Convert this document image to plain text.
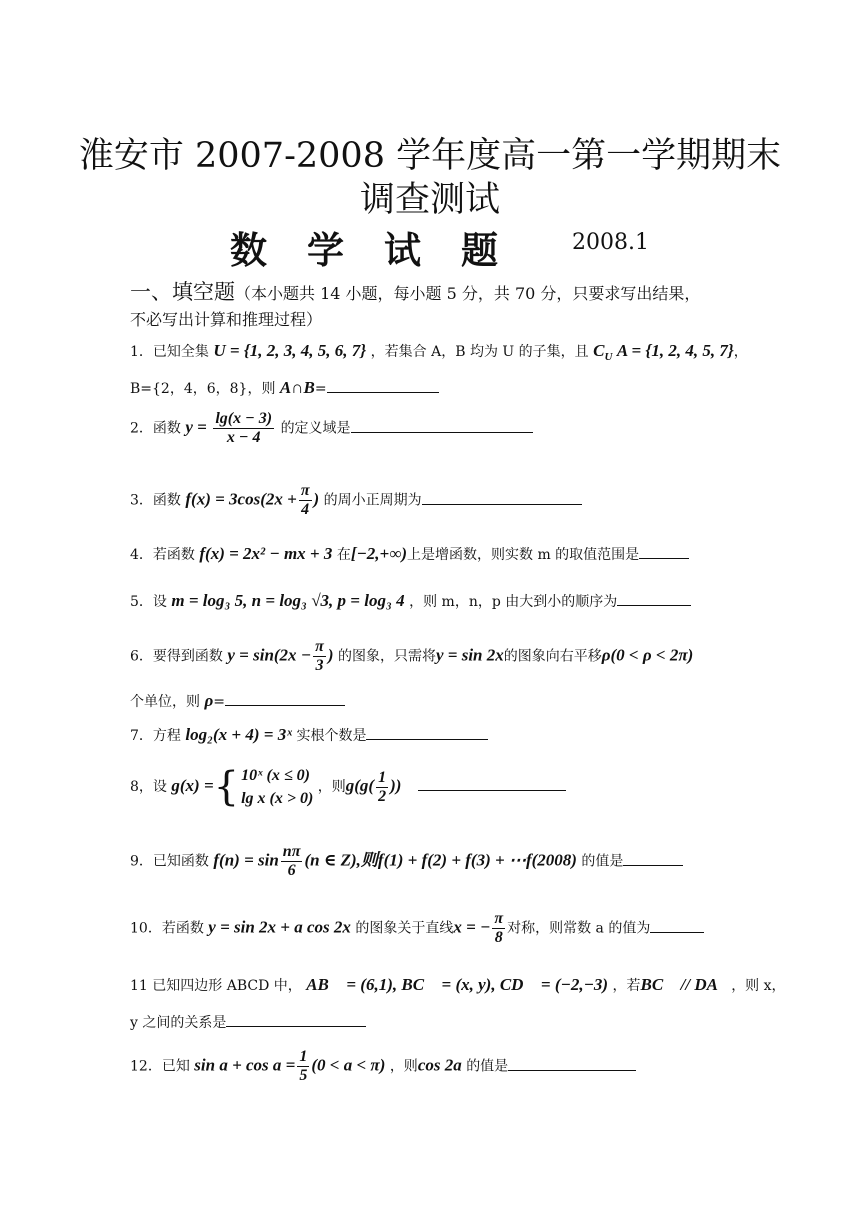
淮安市 2007-2008 学年度高一第一学期期末
调查测试
数学试题 2008.1
一、填空题（本小题共 14 小题，每小题 5 分，共 70 分，只要求写出结果，
不必写出计算和推理过程）
1．已知全集 U = {1, 2, 3, 4, 5, 6, 7} ，若集合 A，B 均为 U 的子集，且 $C_U$ A = {1, 2, 4, 5, 7}，
B={2，4，6，8}，则 A∩B=
2．函数 $y = \frac{\lg(x - 3)}{x - 4}$ 的定义域是
3．函数 $f(x) = 3\cos(2x + \frac{\pi}{4}$ ) 的周小正周期为
4．若函数 f(x) = 2x² − mx + 3 在[−2,+∞)上是增函数，则实数 m 的取值范围是
5．设 m = log₃ 5, n = log₃ √3, p = log₃ 4 ，则 m，n，p 由大到小的顺序为
6．要得到函数 $y = \sin(2x - \frac{\pi}{3}$ ) 的图象，只需将y = sin 2x的图象向右平移ρ(0 < ρ < 2π)
个单位，则 ρ=
7．方程 log₂(x + 4) = 3ˣ 实根个数是
8，设 g(x) ={ 10ˣ (x ≤ 0)
lg x (x > 0)
，则$g(g( \frac{1}{2}$ ))
9．已知函数 $f(n) = \sin \frac{n\pi}{6} (n$ ∈ Z),则f(1) + f(2) + f(3) + ⋯f(2008) 的值是
10．若函数 y = sin 2x + a cos 2x 的图象关于直线x = − $\frac{\pi}{8}$ 对称，则常数 a 的值为
11 已知四边形 ABCD 中， AB⃗ = (6,1), BC⃗ = (x, y), CD⃗ = (−2,−3) ，若BC⃗ // DA⃗，则 x，
y 之间的关系是
12．已知 $\sin a + \cos a = \frac{1}{5} (0 < a < \pi)$ ，则cos 2a 的值是
